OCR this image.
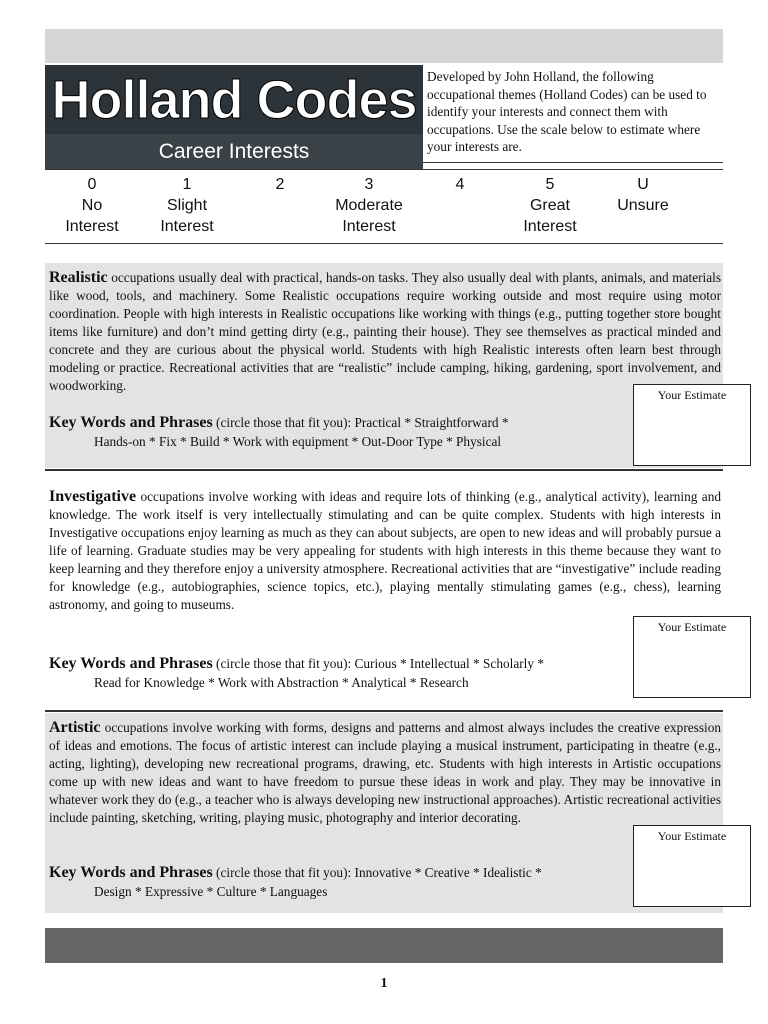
Holland Codes
Career Interests
Developed by John Holland, the following occupational themes (Holland Codes) can be used to identify your interests and connect them with occupations. Use the scale below to estimate where your interests are.
0
No
Interest
1
Slight
Interest
2	3
Moderate
Interest
4	5
Great
Interest
U
Unsure
Realistic occupations usually deal with practical, hands-on tasks. They also usually deal with plants, animals, and materials like wood, tools, and machinery. Some Realistic occupations require working outside and most require using motor coordination. People with high interests in Realistic occupations like working with things (e.g., putting together store bought items like furniture) and don’t mind getting dirty (e.g., painting their house). They see themselves as practical minded and concrete and they are curious about the physical world. Students with high Realistic interests often learn best through modeling or practice. Recreational activities that are “realistic” include camping, hiking, gardening, sport involvement, and woodworking.
Key Words and Phrases (circle those that fit you): Practical * Straightforward *
Hands-on * Fix * Build * Work with equipment * Out-Door Type * Physical
Your Estimate
Investigative occupations involve working with ideas and require lots of thinking (e.g., analytical activity), learning and knowledge. The work itself is very intellectually stimulating and can be quite complex. Students with high interests in Investigative occupations enjoy learning as much as they can about subjects, are open to new ideas and will probably pursue a life of learning. Graduate studies may be very appealing for students with high interests in this theme because they want to keep learning and they therefore enjoy a university atmosphere. Recreational activities that are “investigative” include reading for knowledge (e.g., autobiographies, science topics, etc.), playing mentally stimulating games (e.g., chess), learning astronomy, and going to museums.
Key Words and Phrases (circle those that fit you): Curious * Intellectual * Scholarly *
Read for Knowledge * Work with Abstraction * Analytical * Research
Your Estimate
Artistic occupations involve working with forms, designs and patterns and almost always includes the creative expression of ideas and emotions. The focus of artistic interest can include playing a musical instrument, participating in theatre (e.g., acting, lighting), developing new recreational programs, drawing, etc. Students with high interests in Artistic occupations come up with new ideas and want to have freedom to pursue these ideas in work and play. They may be innovative in whatever work they do (e.g., a teacher who is always developing new instructional approaches). Artistic recreational activities include painting, sketching, writing, playing music, photography and interior decorating.
Key Words and Phrases (circle those that fit you): Innovative * Creative * Idealistic *
Design * Expressive * Culture * Languages
Your Estimate
1
